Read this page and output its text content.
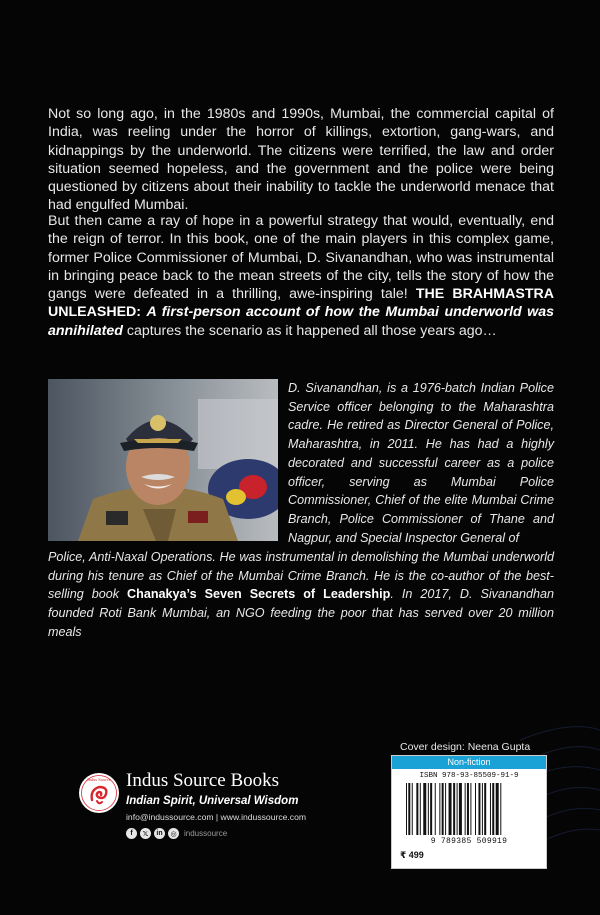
Not so long ago, in the 1980s and 1990s, Mumbai, the commercial capital of India, was reeling under the horror of killings, extortion, gang-wars, and kidnappings by the underworld. The citizens were terrified, the law and order situation seemed hopeless, and the government and the police were being questioned by citizens about their inability to tackle the underworld menace that had engulfed Mumbai.

But then came a ray of hope in a powerful strategy that would, eventually, end the reign of terror. In this book, one of the main players in this complex game, former Police Commissioner of Mumbai, D. Sivanandhan, who was instrumental in bringing peace back to the mean streets of the city, tells the story of how the gangs were defeated in a thrilling, awe-inspiring tale! THE BRAHMASTRA UNLEASHED: A first-person account of how the Mumbai underworld was annihilated captures the scenario as it happened all those years ago…

D. Sivanandhan, is a 1976-batch Indian Police Service officer belonging to the Maharashtra cadre. He retired as Director General of Police, Maharashtra, in 2011. He has had a highly decorated and successful career as a police officer, serving as Mumbai Police Commissioner, Chief of the elite Mumbai Crime Branch, Police Commissioner of Thane and Nagpur, and Special Inspector General of

Police, Anti-Naxal Operations. He was instrumental in demolishing the Mumbai underworld during his tenure as Chief of the Mumbai Crime Branch. He is the co-author of the best-selling book Chanakya’s Seven Secrets of Leadership. In 2017, D. Sivanandhan founded Roti Bank Mumbai, an NGO feeding the poor that has served over 20 million meals

Indus Source Indus Source Books
Indian Spirit, Universal Wisdom
info@indussource.com | www.indussource.com
f	𝕏	in	◎ indussource
Cover design: Neena Gupta
Non-fiction
ISBN 978-93-85509-91-9
9 789385 509919
₹ 499
